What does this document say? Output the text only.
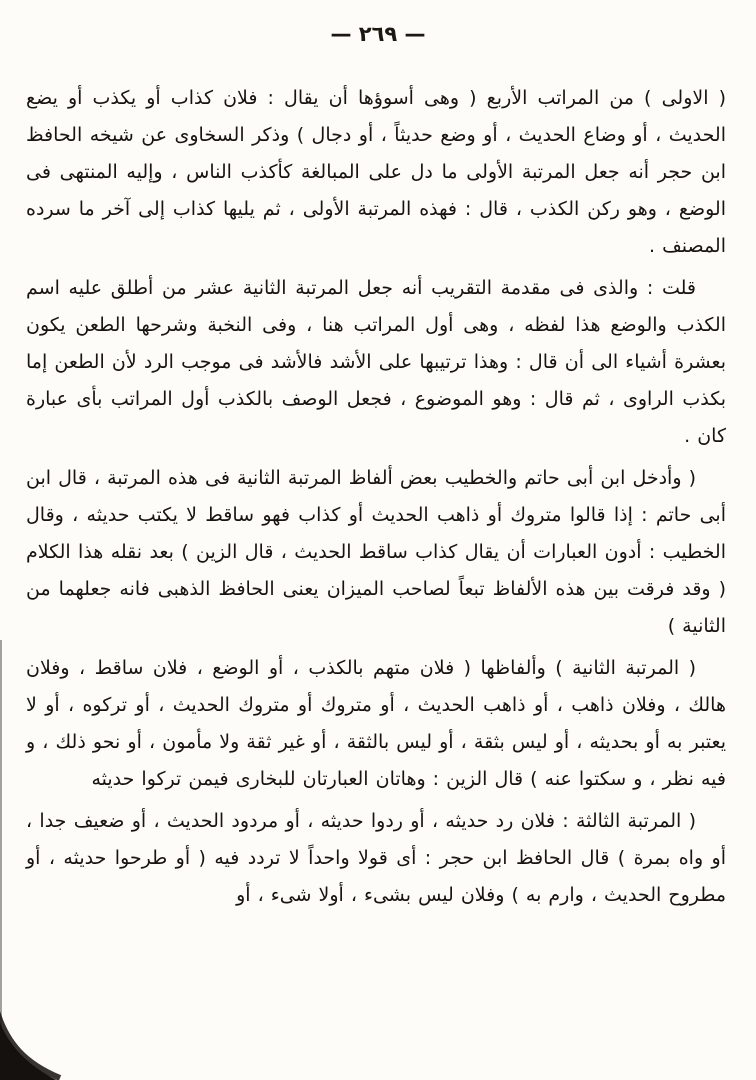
— ٢٦٩ —

( الاولى ) من المراتب الأربع ( وهى أسوؤها أن يقال : فلان كذاب أو يكذب أو يضع الحديث ، أو وضاع الحديث ، أو وضع حديثاً ، أو دجال ) وذكر السخاوى عن شيخه الحافظ ابن حجر أنه جعل المرتبة الأولى ما دل على المبالغة كأكذب الناس ، وإليه المنتهى فى الوضع ، وهو ركن الكذب ، قال : فهذه المرتبة الأولى ، ثم يليها كذاب إلى آخر ما سرده المصنف .

قلت : والذى فى مقدمة التقريب أنه جعل المرتبة الثانية عشر من أطلق عليه اسم الكذب والوضع هذا لفظه ، وهى أول المراتب هنا ، وفى النخبة وشرحها الطعن يكون بعشرة أشياء الى أن قال : وهذا ترتيبها على الأشد فالأشد فى موجب الرد لأن الطعن إما بكذب الراوى ، ثم قال : وهو الموضوع ، فجعل الوصف بالكذب أول المراتب بأى عبارة كان .

( وأدخل ابن أبى حاتم والخطيب بعض ألفاظ المرتبة الثانية فى هذه المرتبة ، قال ابن أبى حاتم : إذا قالوا متروك أو ذاهب الحديث أو كذاب فهو ساقط لا يكتب حديثه ، وقال الخطيب : أدون العبارات أن يقال كذاب ساقط الحديث ، قال الزين ) بعد نقله هذا الكلام ( وقد فرقت بين هذه الألفاظ تبعاً لصاحب الميزان يعنى الحافظ الذهبى فانه جعلهما من الثانية )

( المرتبة الثانية ) وألفاظها ( فلان متهم بالكذب ، أو الوضع ، فلان ساقط ، وفلان هالك ، وفلان ذاهب ، أو ذاهب الحديث ، أو متروك أو متروك الحديث ، أو تركوه ، أو لا يعتبر به أو بحديثه ، أو ليس بثقة ، أو ليس بالثقة ، أو غير ثقة ولا مأمون ، أو نحو ذلك ، و فيه نظر ، و سكتوا عنه ) قال الزين : وهاتان العبارتان للبخارى فيمن تركوا حديثه

( المرتبة الثالثة : فلان رد حديثه ، أو ردوا حديثه ، أو مردود الحديث ، أو ضعيف جدا ، أو واه بمرة ) قال الحافظ ابن حجر : أى قولا واحداً لا تردد فيه ( أو طرحوا حديثه ، أو مطروح الحديث ، وارم به ) وفلان ليس بشىء ، أولا شىء ، أو
